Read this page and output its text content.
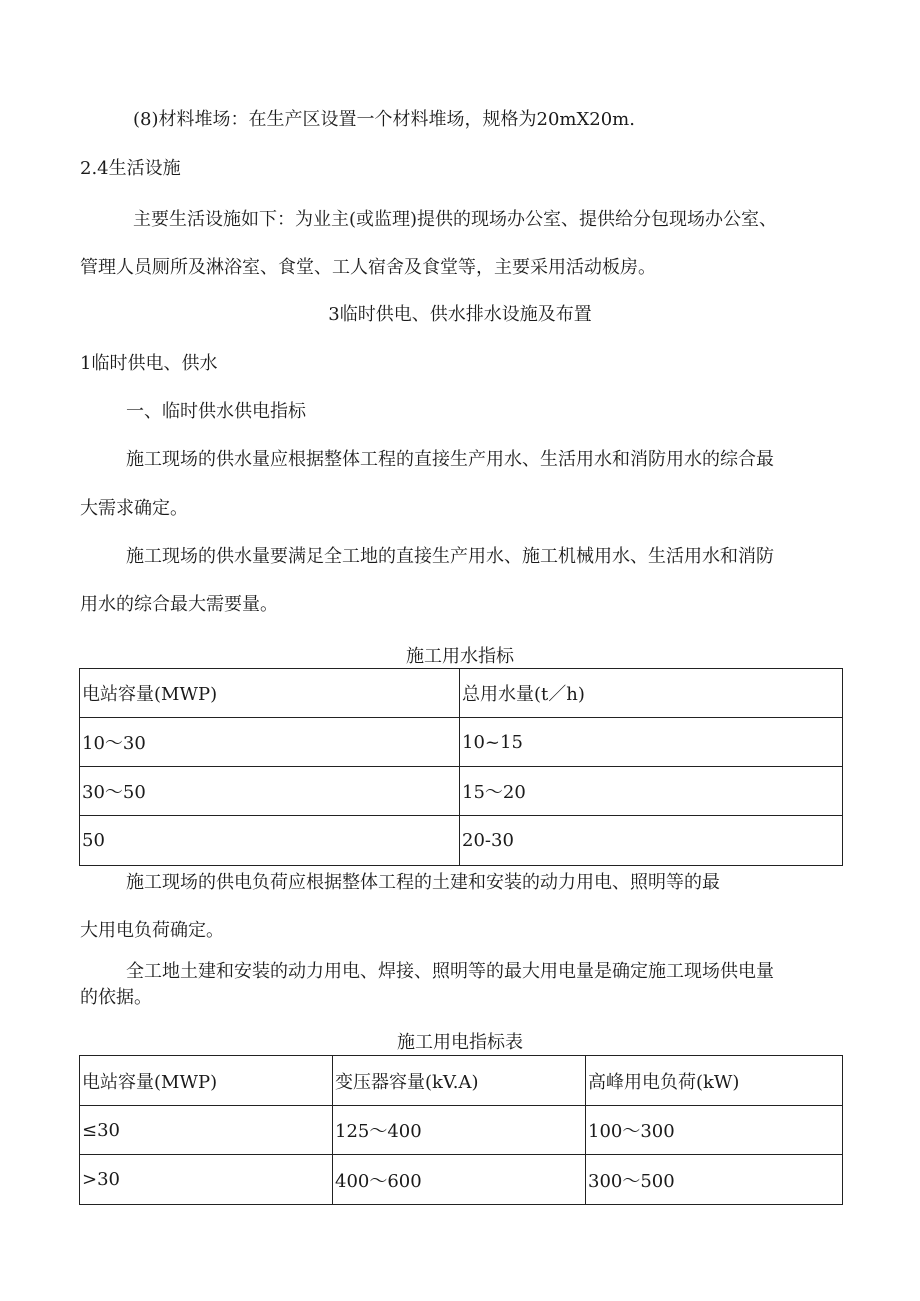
(8)材料堆场：在生产区设置一个材料堆场，规格为20mX20m.
2.4生活设施
主要生活设施如下：为业主(或监理)提供的现场办公室、提供给分包现场办公室、
管理人员厕所及淋浴室、食堂、工人宿舍及食堂等，主要采用活动板房。
3临时供电、供水排水设施及布置
1临时供电、供水
一、临时供水供电指标
施工现场的供水量应根据整体工程的直接生产用水、生活用水和消防用水的综合最
大需求确定。
施工现场的供水量要满足全工地的直接生产用水、施工机械用水、生活用水和消防
用水的综合最大需要量。
施工用水指标
电站容量(MWP)	总用水量(t／h)
10～30	10~15
30～50	15～20
50	20-30
施工现场的供电负荷应根据整体工程的土建和安装的动力用电、照明等的最
大用电负荷确定。
全工地土建和安装的动力用电、焊接、照明等的最大用电量是确定施工现场供电量
的依据。
施工用电指标表
电站容量(MWP)	变压器容量(kV.A)	高峰用电负荷(kW)
≤30	125～400	100～300
>30	400～600	300～500
